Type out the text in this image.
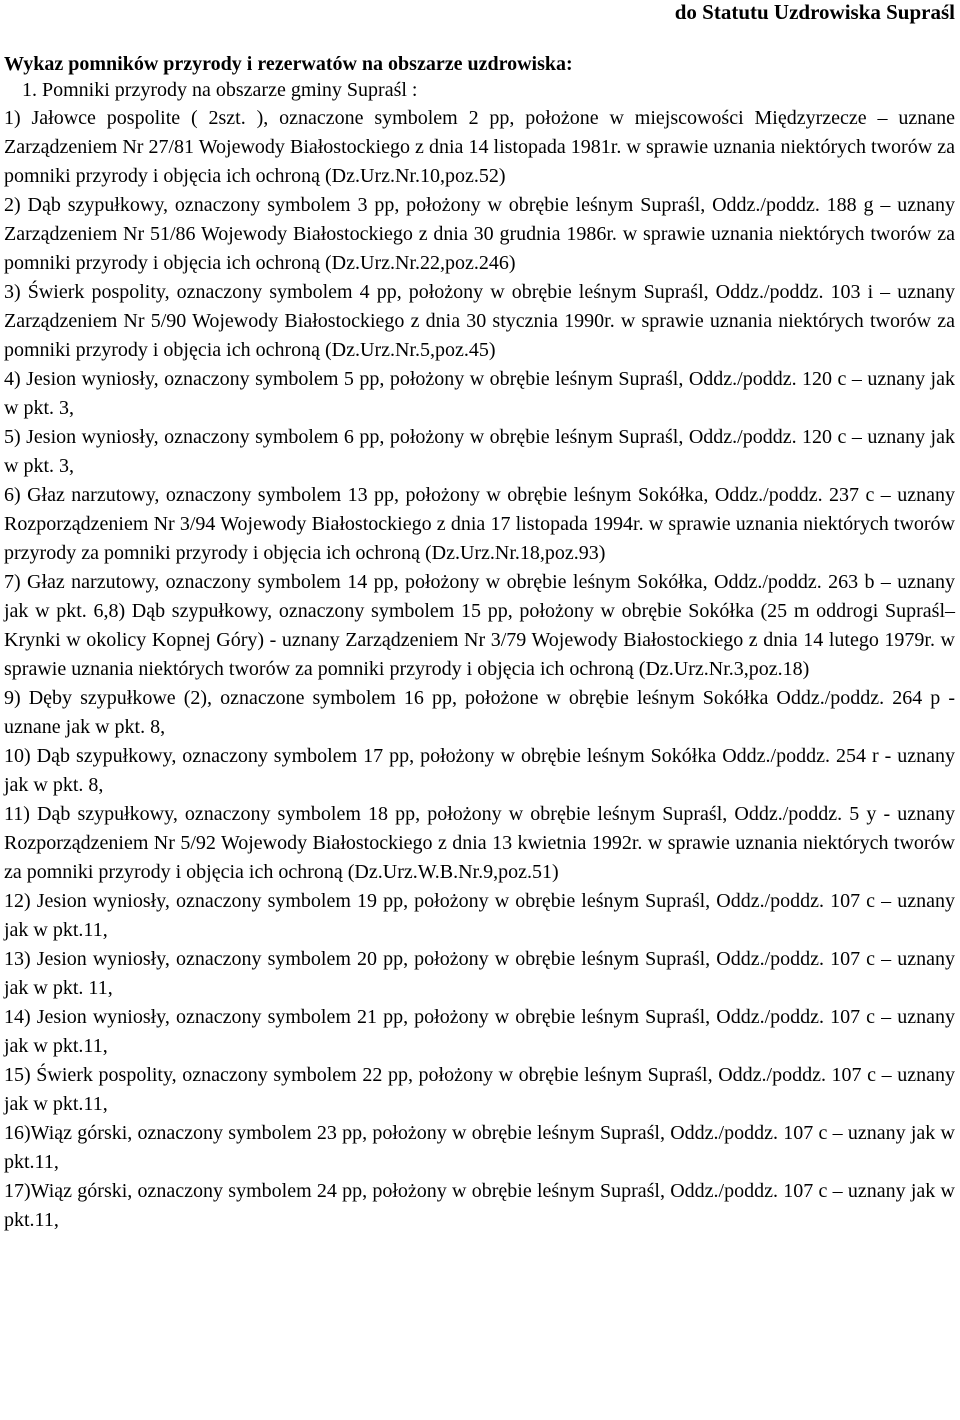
do Statutu Uzdrowiska Supraśl
Wykaz pomników przyrody i rezerwatów na obszarze uzdrowiska:
1. Pomniki przyrody na obszarze gminy Supraśl :

1) Jałowce pospolite ( 2szt. ), oznaczone symbolem 2 pp, położone w miejscowości Międzyrzecze – uznane Zarządzeniem Nr 27/81 Wojewody Białostockiego z dnia 14 listopada 1981r. w sprawie uznania niektórych tworów za pomniki przyrody i objęcia ich ochroną (Dz.Urz.Nr.10,poz.52)

2) Dąb szypułkowy, oznaczony symbolem 3 pp, położony w obrębie leśnym Supraśl, Oddz./poddz. 188 g – uznany Zarządzeniem Nr 51/86 Wojewody Białostockiego z dnia 30 grudnia 1986r. w sprawie uznania niektórych tworów za pomniki przyrody i objęcia ich ochroną (Dz.Urz.Nr.22,poz.246)

3) Świerk pospolity, oznaczony symbolem 4 pp, położony w obrębie leśnym Supraśl, Oddz./poddz. 103 i – uznany Zarządzeniem Nr 5/90 Wojewody Białostockiego z dnia 30 stycznia 1990r. w sprawie uznania niektórych tworów za pomniki przyrody i objęcia ich ochroną (Dz.Urz.Nr.5,poz.45)

4) Jesion wyniosły, oznaczony symbolem 5 pp, położony w obrębie leśnym Supraśl, Oddz./poddz. 120 c – uznany jak w pkt. 3,

5) Jesion wyniosły, oznaczony symbolem 6 pp, położony w obrębie leśnym Supraśl, Oddz./poddz. 120 c – uznany jak w pkt. 3,

6) Głaz narzutowy, oznaczony symbolem 13 pp, położony w obrębie leśnym Sokółka, Oddz./poddz. 237 c – uznany Rozporządzeniem Nr 3/94 Wojewody Białostockiego z dnia 17 listopada 1994r. w sprawie uznania niektórych tworów przyrody za pomniki przyrody i objęcia ich ochroną (Dz.Urz.Nr.18,poz.93)

7) Głaz narzutowy, oznaczony symbolem 14 pp, położony w obrębie leśnym Sokółka, Oddz./poddz. 263 b – uznany jak w pkt. 6,8) Dąb szypułkowy, oznaczony symbolem 15 pp, położony w obrębie Sokółka (25 m oddrogi Supraśl–Krynki w okolicy Kopnej Góry) - uznany Zarządzeniem Nr 3/79 Wojewody Białostockiego z dnia 14 lutego 1979r. w sprawie uznania niektórych tworów za pomniki przyrody i objęcia ich ochroną (Dz.Urz.Nr.3,poz.18)

9) Dęby szypułkowe (2), oznaczone symbolem 16 pp, położone w obrębie leśnym Sokółka Oddz./poddz. 264 p - uznane jak w pkt. 8,

10) Dąb szypułkowy, oznaczony symbolem 17 pp, położony w obrębie leśnym Sokółka Oddz./poddz. 254 r - uznany jak w pkt. 8,

11) Dąb szypułkowy, oznaczony symbolem 18 pp, położony w obrębie leśnym Supraśl, Oddz./poddz. 5 y - uznany Rozporządzeniem Nr 5/92 Wojewody Białostockiego z dnia 13 kwietnia 1992r. w sprawie uznania niektórych tworów za pomniki przyrody i objęcia ich ochroną (Dz.Urz.W.B.Nr.9,poz.51)

12) Jesion wyniosły, oznaczony symbolem 19 pp, położony w obrębie leśnym Supraśl, Oddz./poddz. 107 c – uznany jak w pkt.11,

13) Jesion wyniosły, oznaczony symbolem 20 pp, położony w obrębie leśnym Supraśl, Oddz./poddz. 107 c – uznany jak w pkt. 11,

14) Jesion wyniosły, oznaczony symbolem 21 pp, położony w obrębie leśnym Supraśl, Oddz./poddz. 107 c – uznany jak w pkt.11,

15) Świerk pospolity, oznaczony symbolem 22 pp, położony w obrębie leśnym Supraśl, Oddz./poddz. 107 c – uznany jak w pkt.11,

16)Wiąz górski, oznaczony symbolem 23 pp, położony w obrębie leśnym Supraśl, Oddz./poddz. 107 c – uznany jak w pkt.11,

17)Wiąz górski, oznaczony symbolem 24 pp, położony w obrębie leśnym Supraśl, Oddz./poddz. 107 c – uznany jak w pkt.11,
